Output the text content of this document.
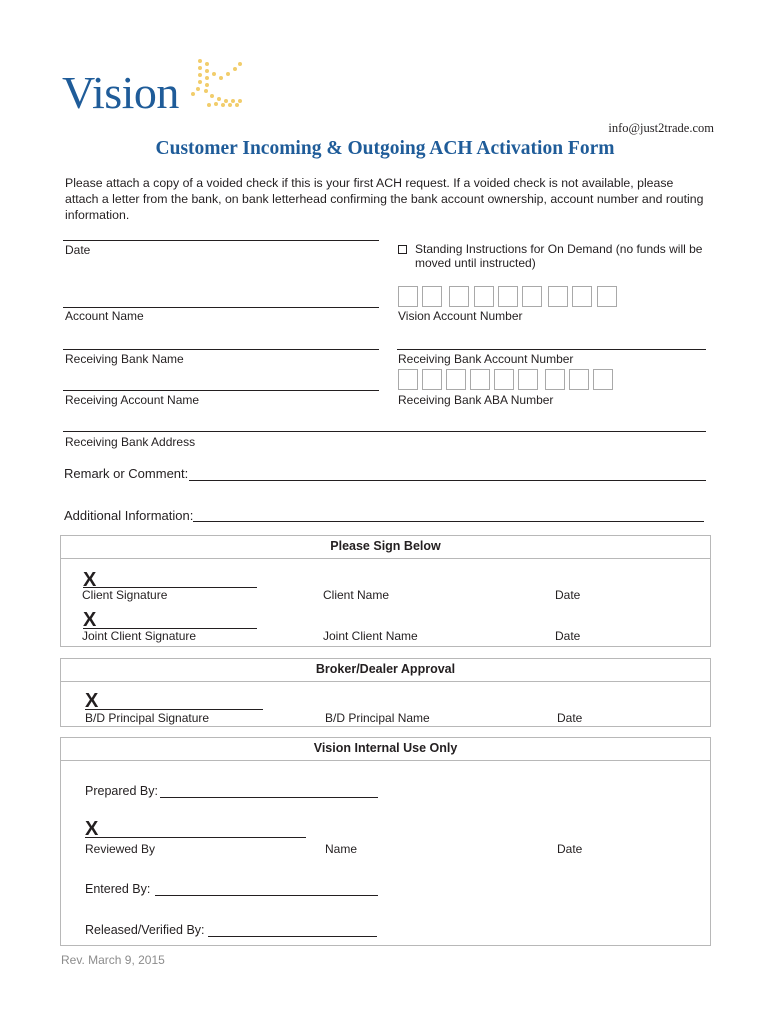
Vision
info@just2trade.com
Customer Incoming & Outgoing ACH Activation Form
Please attach a copy of a voided check if this is your first ACH request. If a voided check is not available, please attach a letter from the bank, on bank letterhead confirming the bank account ownership, account number and routing information.
Date	Standing Instructions for On Demand (no funds will be moved until instructed)
Account Name	Vision Account Number
Receiving Bank Name	Receiving Bank Account Number
Receiving Account Name	Receiving Bank ABA Number
Receiving Bank Address
Remark or Comment:
Additional Information:
Please Sign Below
X
Client Signature	Client Name	Date
X
Joint Client Signature	Joint Client Name	Date
Broker/Dealer Approval
X
B/D Principal Signature	B/D Principal Name	Date
Vision Internal Use Only
Prepared By:
X
Reviewed By	Name	Date
Entered By:
Released/Verified By:
Rev. March 9, 2015
